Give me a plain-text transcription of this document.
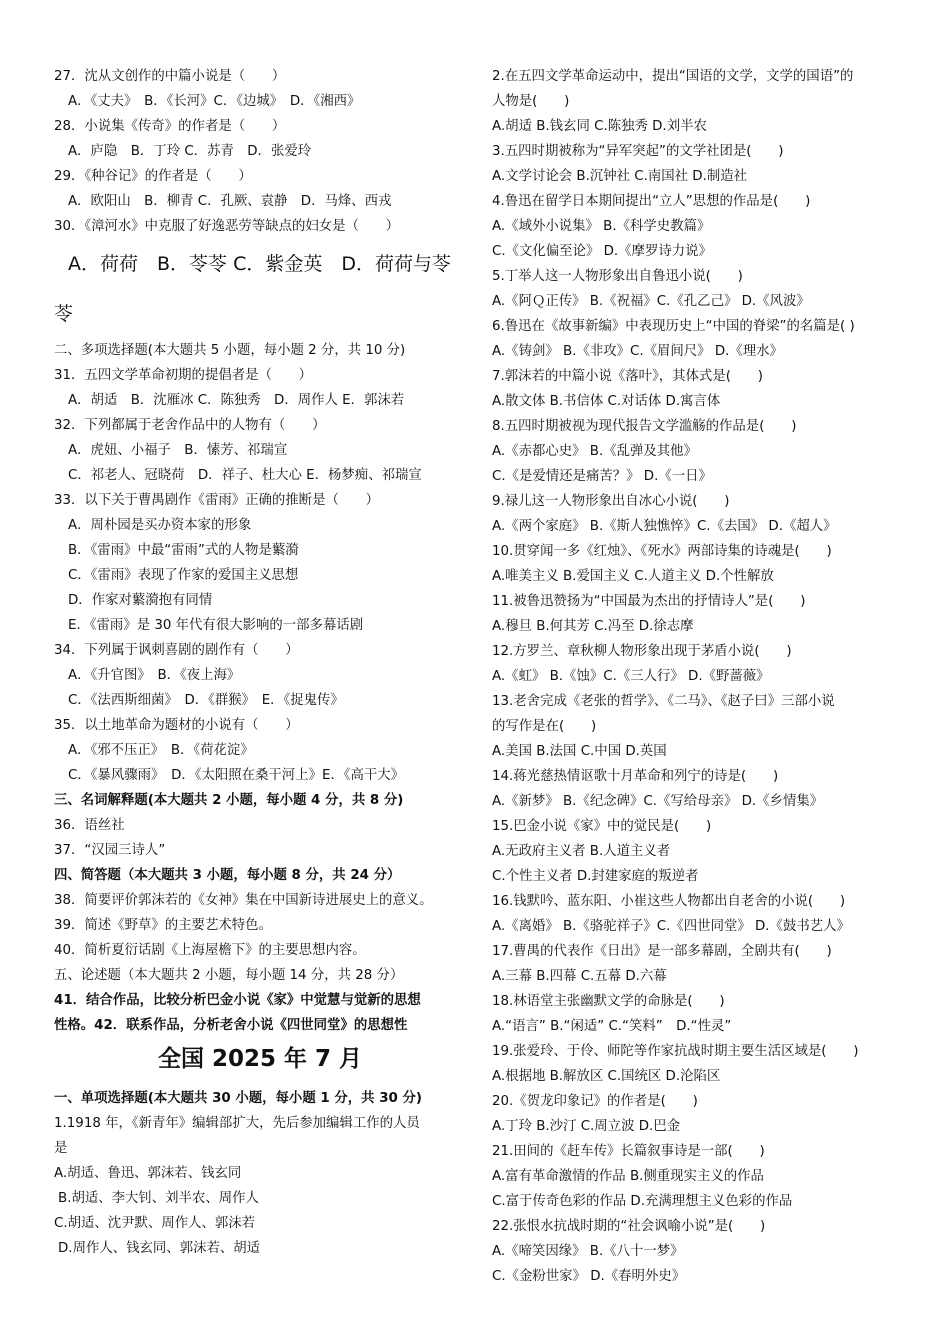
27．沈从文创作的中篇小说是（　　）
A．《丈夫》　B．《长河》C．《边城》　D．《湘西》
28．小说集《传奇》的作者是（　　）
A．庐隐　B．丁玲 C．苏青　D．张爱玲
29．《种谷记》的作者是（　　）
A．欧阳山　B．柳青 C．孔厥、袁静　D．马烽、西戎
30．《漳河水》中克服了好逸恶劳等缺点的妇女是（　　）
A．荷荷　B．苓苓 C．紫金英　D．荷荷与苓
苓
二、多项选择题(本大题共 5 小题，每小题 2 分，共 10 分)
31．五四文学革命初期的提倡者是（　　）
A．胡适　B．沈雁冰 C．陈独秀　D．周作人 E．郭沫若
32．下列都属于老舍作品中的人物有（　　）
A．虎妞、小福子　B．愫芳、祁瑞宣
C．祁老人、冠晓荷　D．祥子、杜大心 E．杨梦痴、祁瑞宣
33．以下关于曹禺剧作《雷雨》正确的推断是（　　）
A．周朴园是买办资本家的形象
B．《雷雨》中最“雷雨”式的人物是蘩漪
C．《雷雨》表现了作家的爱国主义思想
D．作家对蘩漪抱有同情
E．《雷雨》是 30 年代有很大影响的一部多幕话剧
34．下列属于讽刺喜剧的剧作有（　　）
A．《升官图》　B．《夜上海》
C．《法西斯细菌》　D．《群猴》　E．《捉鬼传》
35．以土地革命为题材的小说有（　　）
A．《邪不压正》　B．《荷花淀》
C．《暴风骤雨》　D．《太阳照在桑干河上》E．《高干大》
三、名词解释题(本大题共 2 小题，每小题 4 分，共 8 分)
36．语丝社
37．“汉园三诗人”
四、简答题（本大题共 3 小题，每小题 8 分，共 24 分）
38．简要评价郭沫若的《女神》集在中国新诗进展史上的意义。
39．简述《野草》的主要艺术特色。
40．简析夏衍话剧《上海屋檐下》的主要思想内容。
五、论述题（本大题共 2 小题，每小题 14 分，共 28 分）
41．结合作品，比较分析巴金小说《家》中觉慧与觉新的思想
性格。42．联系作品，分析老舍小说《四世同堂》的思想性
全国 2025 年 7 月
一、单项选择题(本大题共 30 小题，每小题 1 分，共 30 分)
1.1918 年，《新青年》编辑部扩大，先后参加编辑工作的人员
是
A.胡适、鲁迅、郭沫若、钱玄同
B.胡适、李大钊、刘半农、周作人
C.胡适、沈尹默、周作人、郭沫若
D.周作人、钱玄同、郭沫若、胡适
2.在五四文学革命运动中，提出“国语的文学，文学的国语”的
人物是(　　)
A.胡适 B.钱玄同 C.陈独秀 D.刘半农
3.五四时期被称为“异军突起”的文学社团是(　　)
A.文学讨论会 B.沉钟社 C.南国社 D.制造社
4.鲁迅在留学日本期间提出“立人”思想的作品是(　　)
A.《域外小说集》 B.《科学史教篇》
C.《文化偏至论》 D.《摩罗诗力说》
5.丁举人这一人物形象出自鲁迅小说(　　)
A.《阿Ｑ正传》 B.《祝福》C.《孔乙己》 D.《风波》
6.鲁迅在《故事新编》中表现历史上“中国的脊梁”的名篇是( )
A.《铸剑》 B.《非攻》C.《眉间尺》 D.《理水》
7.郭沫若的中篇小说《落叶》，其体式是(　　)
A.散文体 B.书信体 C.对话体 D.寓言体
8.五四时期被视为现代报告文学滥觞的作品是(　　)
A.《赤都心史》 B.《乱弹及其他》
C.《是爱情还是痛苦？》 D.《一日》
9.禄儿这一人物形象出自冰心小说(　　)
A.《两个家庭》 B.《斯人独憔悴》C.《去国》 D.《超人》
10.贯穿闻一多《红烛》、《死水》两部诗集的诗魂是(　　)
A.唯美主义 B.爱国主义 C.人道主义 D.个性解放
11.被鲁迅赞扬为“中国最为杰出的抒情诗人”是(　　)
A.穆旦 B.何其芳 C.冯至 D.徐志摩
12.方罗兰、章秋柳人物形象出现于茅盾小说(　　)
A.《虹》 B.《蚀》C.《三人行》 D.《野蔷薇》
13.老舍完成《老张的哲学》、《二马》、《赵子曰》三部小说
的写作是在(　　)
A.美国 B.法国 C.中国 D.英国
14.蒋光慈热情讴歌十月革命和列宁的诗是(　　)
A.《新梦》 B.《纪念碑》C.《写给母亲》 D.《乡情集》
15.巴金小说《家》中的觉民是(　　)
A.无政府主义者 B.人道主义者
C.个性主义者 D.封建家庭的叛逆者
16.钱默吟、蓝东阳、小崔这些人物都出自老舍的小说(　　)
A.《离婚》 B.《骆驼祥子》C.《四世同堂》 D.《鼓书艺人》
17.曹禺的代表作《日出》是一部多幕剧，全剧共有(　　)
A.三幕 B.四幕 C.五幕 D.六幕
18.林语堂主张幽默文学的命脉是(　　)
A.“语言” B.“闲适” C.“笑料”　D.“性灵”
19.张爱玲、于伶、师陀等作家抗战时期主要生活区域是(　　)
A.根据地 B.解放区 C.国统区 D.沦陷区
20.《贺龙印象记》的作者是(　　)
A.丁玲 B.沙汀 C.周立波 D.巴金
21.田间的《赶车传》长篇叙事诗是一部(　　)
A.富有革命激情的作品 B.侧重现实主义的作品
C.富于传奇色彩的作品 D.充满理想主义色彩的作品
22.张恨水抗战时期的“社会讽喻小说”是(　　)
A.《啼笑因缘》 B.《八十一梦》
C.《金粉世家》 D.《春明外史》
